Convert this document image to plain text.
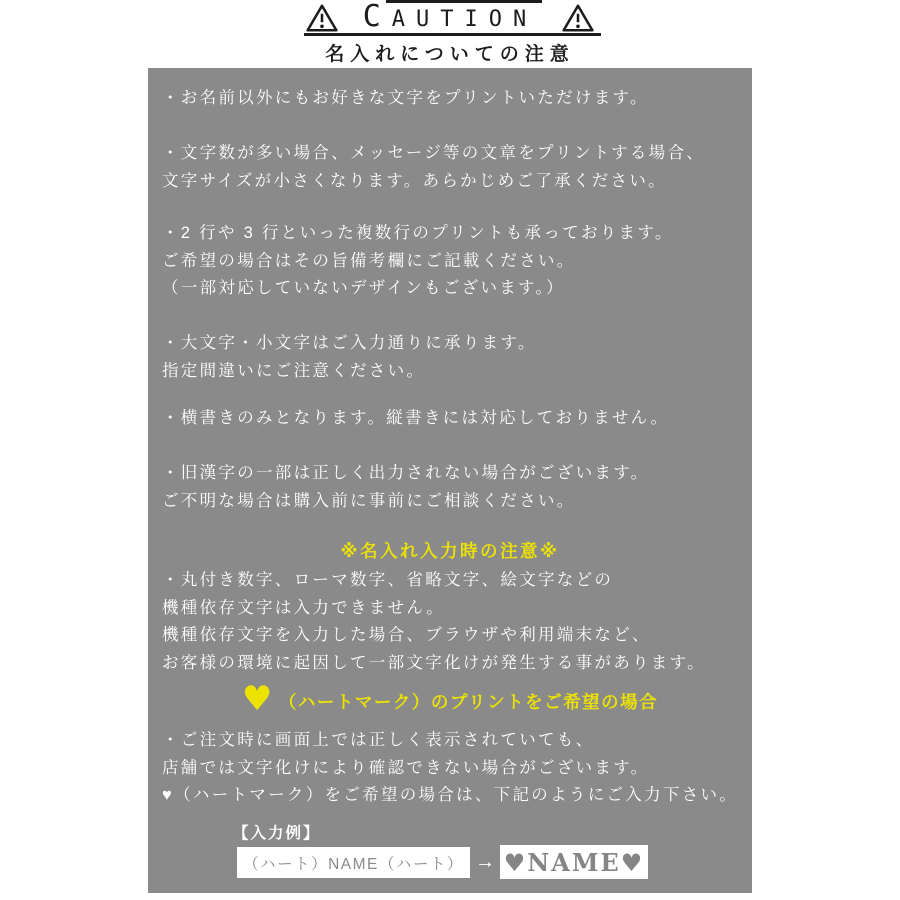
CAUTION
名入れについての注意
・お名前以外にもお好きな文字をプリントいただけます。
・文字数が多い場合、メッセージ等の文章をプリントする場合、
文字サイズが小さくなります。あらかじめご了承ください。
・2 行や 3 行といった複数行のプリントも承っております。
ご希望の場合はその旨備考欄にご記載ください。
（一部対応していないデザインもございます。）
・大文字・小文字はご入力通りに承ります。
指定間違いにご注意ください。
・横書きのみとなります。縦書きには対応しておりません。
・旧漢字の一部は正しく出力されない場合がございます。
ご不明な場合は購入前に事前にご相談ください。
※名入れ入力時の注意※
・丸付き数字、ローマ数字、省略文字、絵文字などの
機種依存文字は入力できません。
機種依存文字を入力した場合、ブラウザや利用端末など、
お客様の環境に起因して一部文字化けが発生する事があります。
♥ （ハートマーク）のプリントをご希望の場合
・ご注文時に画面上では正しく表示されていても、
店舗では文字化けにより確認できない場合がございます。
♥（ハートマーク）をご希望の場合は、下記のようにご入力下さい。
【入力例】
（ハート）NAME（ハート） → ♥NAME♥
